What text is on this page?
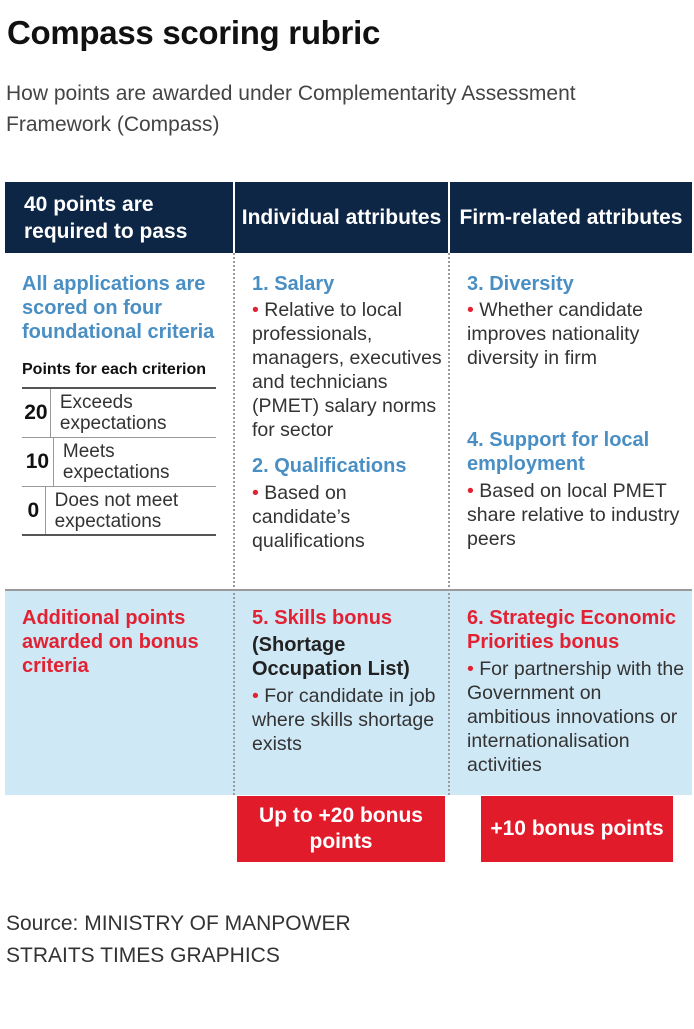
Compass scoring rubric
How points are awarded under Complementarity Assessment Framework (Compass)
40 points are required to pass
Individual attributes Firm-related attributes
All applications are scored on four foundational criteria
Points for each criterion
20 Exceeds expectations
10 Meets expectations
0 Does not meet expectations
1. Salary
• Relative to local professionals, managers, executives and technicians (PMET) salary norms for sector
2. Qualifications
• Based on candidate’s qualifications
3. Diversity
• Whether candidate improves nationality diversity in firm
4. Support for local employment
• Based on local PMET share relative to industry peers
Additional points awarded on bonus criteria
5. Skills bonus
(Shortage Occupation List)
• For candidate in job where skills shortage exists
6. Strategic Economic Priorities bonus
• For partnership with the Government on ambitious innovations or internationalisation activities
Up to +20 bonus points
+10 bonus points
Source: MINISTRY OF MANPOWER
STRAITS TIMES GRAPHICS
